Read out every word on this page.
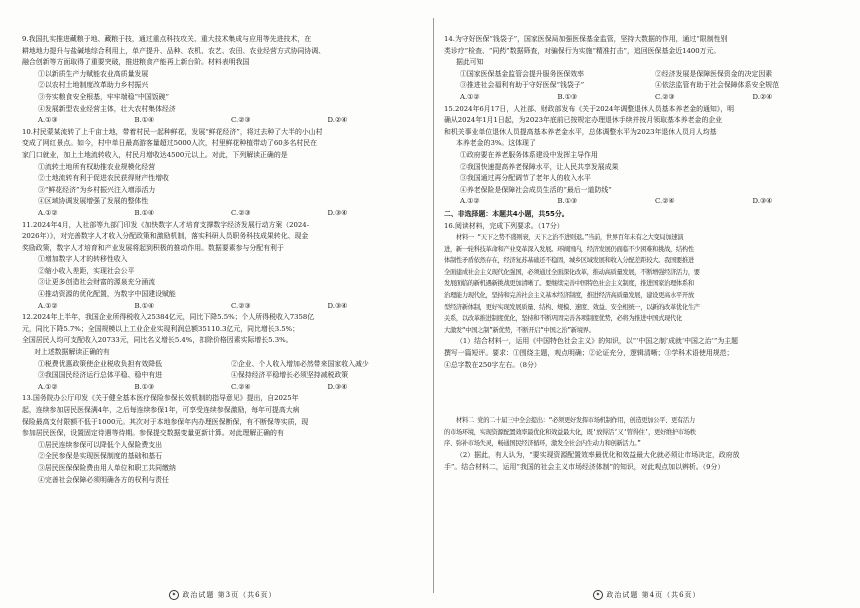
9.我国扎实推进藏粮于地、藏粮于技，通过重点科技攻关、重大技术集成与应用等先进技术，在
耕地地力提升与盐碱地综合利用上，单产提升、品种、农机、农艺、农田、农业经营方式协同协调、
融合创新等方面取得了重要突破，推进粮食产能再上新台阶。材料表明我国
①以新质生产力赋能农业高质量发展
②以农村土地制度改革助力乡村振兴
③夯实粮食安全根基，牢牢端稳“中国饭碗”
④发展新型农业经营主体，壮大农村集体经济
A.①③	B.①④	C.②③	D.②④
10.村民蒙某流转了上千亩土地，带着村民一起种鲜花，发展“鲜花经济”，将过去种了大半的小山村
变成了网红景点。如今，村中单日最高游客量超过5000人次，村里鲜花种植带动了60多名村民在
家门口就业，加上土地流转收入，村民月增收达4500元以上。对此，下列解读正确的是
①流转土地所有权助推农业规模化经营
②土地流转有利于促进农民获得财产性增收
③“鲜花经济”为乡村振兴注入增添活力
④区域协调发展增强了发展的整体性
A.①②	B.①④	C.②③	D.③④
11.2024年4月，人社部等九部门印发《加快数字人才培育支撑数字经济发展行动方案（2024-
2026年）》，对完善数字人才收入分配政策和激励机制，落实科研人员职务科技成果转化、现金
奖励政策，数字人才培育和产业发展将起到积极的推动作用。数据要素参与分配有利于
①增加数字人才的转移性收入
②缩小收入差距，实现社会公平
③让更多创造社会财富的源泉充分涌流
④推动资源的优化配置，为数字中国建设赋能
A.①②	B.①④	C.②③	D.③④
12.2024年上半年，我国企业所得税收入25384亿元，同比下降5.5%；个人所得税收入7358亿
元，同比下降5.7%；全国规模以上工业企业实现利润总额35110.3亿元，同比增长3.5%；
全国居民人均可支配收入20733元，同比名义增长5.4%，扣除价格因素实际增长5.3%。
对上述数据解读正确的有
①税费优惠政策使企业税收负担有效降低	②企业、个人收入增加必然带来国家收入减少
③我国国民经济运行总体平稳、稳中有进	④保持经济平稳增长必须坚持减税政策
A.①②	B.①③	C.②④	D.③④
13.国务院办公厅印发《关于健全基本医疗保险参保长效机制的指导意见》提出，自2025年
起，连续参加居民医保满4年，之后每连续参保1年，可享受连续参保激励，每年可提高大病
保险最高支付限额不低于1000元。其次对于本地参保年内办理医保断保，有不断保等实质，现
参加居民医保，设置固定待遇等待期。参保提交数据变量更新计算。对此理解正确的有
①居民连续参保可以降低个人保险费支出
②全民参保是实现医保制度的基础和基石
③居民医保保险费由用人单位和职工共同缴纳
④完善社会保障必须明确各方的权利与责任
✦ 政治试题 第3页（共6页）
14.为守好医保“钱袋子”，国家医保局加强医保基金监管，坚持大数据的作用，通过“限制性别
类诊疗”检查、“同药”数据筛查，对骗保行为实施“精准打击”，追回医保基金近1400万元。
据此可知
①国家医保基金监管会提升服务医保效率	②经济发展是保障医保资金的决定因素
③推进社会福利有助于守好医保“钱袋子”	④依法监管有助于社会保障体系安全规范
A.①②	B.①③	C.②③	D.②④
15.2024年6月17日，人社部、财政部发布《关于2024年调整退休人员基本养老金的通知》，明
确从2024年1月1日起，为2023年底前已按规定办理退休手续并按月领取基本养老金的企业
和机关事业单位退休人员提高基本养老金水平，总体调整水平为2023年退休人员月人均基
本养老金的3%。这体现了
①政府要在养老服务体系建设中发挥主导作用
②我国快速提高养老保障水平，让人民共享发展成果
③我国通过再分配调节了老年人的收入水平
④养老保险是保障社会成员生活的“最后一道防线”
A.①②	B.①③	C.②④	D.③④
二、非选择题：本题共4小题，共55分。
16.阅读材料，完成下列要求。（17分）
材料一 “天下之势不盛则衰，天下之治不进则退。”当前，世界百年未有之大变局加速演
进，新一轮科技革命和产业变革深入发展。环顾国内，经济发展仍面临不少困难和挑战，结构性
体制性矛盾依然存在，经济复苏基础还不稳固，城乡区域发展和收入分配差距较大。我国要推进
全面建成社会主义现代化强国，必须通过全面深化改革，推动高质量发展，不断增强经济活力，要
发展面临的新机遇新挑战更加清晰了。要继续完善中国特色社会主义制度，推进国家治理体系和
治理能力现代化，坚持和完善社会主义基本经济制度，推进经济高质量发展，建设更高水平开放
型经济新体制，更好实现发展质量、结构、规模、速度、效益、安全相统一，以新的改革优化生产
关系，以改革推进制度优化，坚持和不断巩固完善各项制度优势，必将为推进中国式现代化
大激发“中国之制”新优势，不断开启“中国之治”新境界。
（1）结合材料一，运用《中国特色社会主义》的知识，以“‘中国之制’成就‘中国之治’”为主题
撰写一篇短评。要求：①围绕主题，观点明确；②论证充分，逻辑清晰；③学科术语使用规范；
④总字数在250字左右。（8分）
材料二 党的二十届三中全会提出：“必须更好发挥市场机制作用，创造更加公平、更有活力
的市场环境，实现资源配置效率最优化和效益最大化，既‘放得活’又‘管得住’，更好维护市场秩
序、弥补市场失灵，畅通国民经济循环，激发全社会内生动力和创新活力。”
（2）据此，有人认为，“要实现资源配置效率最优化和效益最大化就必须让市场决定，政府放
手”。结合材料二，运用“我国的社会主义市场经济体制”的知识，对此观点加以辨析。（9分）
✦ 政治试题 第4页（共6页）
